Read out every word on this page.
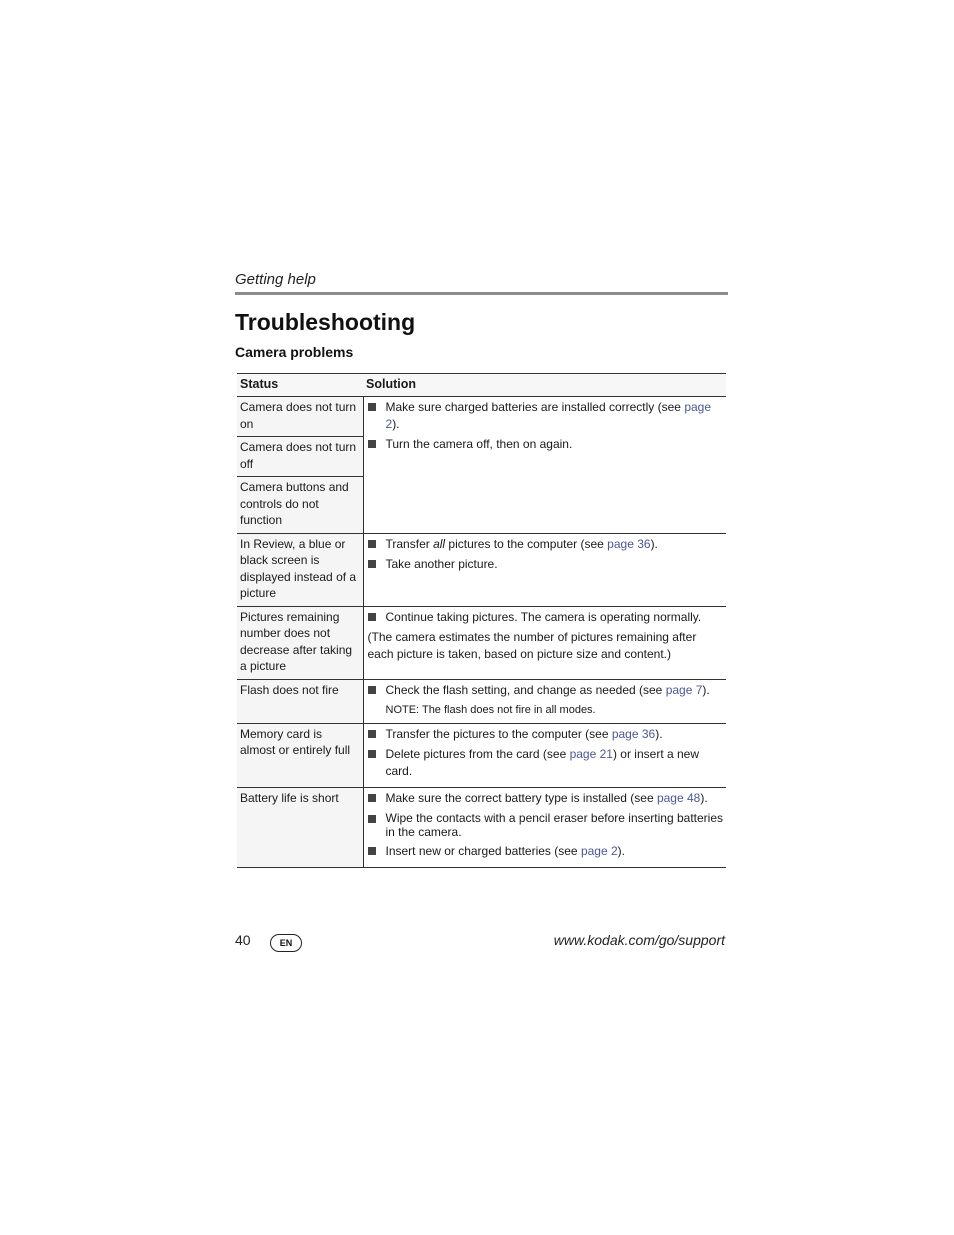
Getting help
Troubleshooting
Camera problems
Status	Solution
Camera does not turn on	Make sure charged batteries are installed correctly (see page 2).
Turn the camera off, then on again.

Camera does not turn off	
Camera buttons and controls do not function	
In Review, a blue or black screen is displayed instead of a picture	Transfer all pictures to the computer (see page 36).
Take another picture.

Pictures remaining number does not decrease after taking a picture	Continue taking pictures. The camera is operating normally.
(The camera estimates the number of pictures remaining after each picture is taken, based on picture size and content.)

Flash does not fire	Check the flash setting, and change as needed (see page 7).
NOTE: The flash does not fire in all modes.

Memory card is almost or entirely full	Transfer the pictures to the computer (see page 36).
Delete pictures from the card (see page 21) or insert a new card.

Battery life is short	Make sure the correct battery type is installed (see page 48).
Wipe the contacts with a pencil eraser before inserting batteries in the camera.
Insert new or charged batteries (see page 2).
40	EN	www.kodak.com/go/support
